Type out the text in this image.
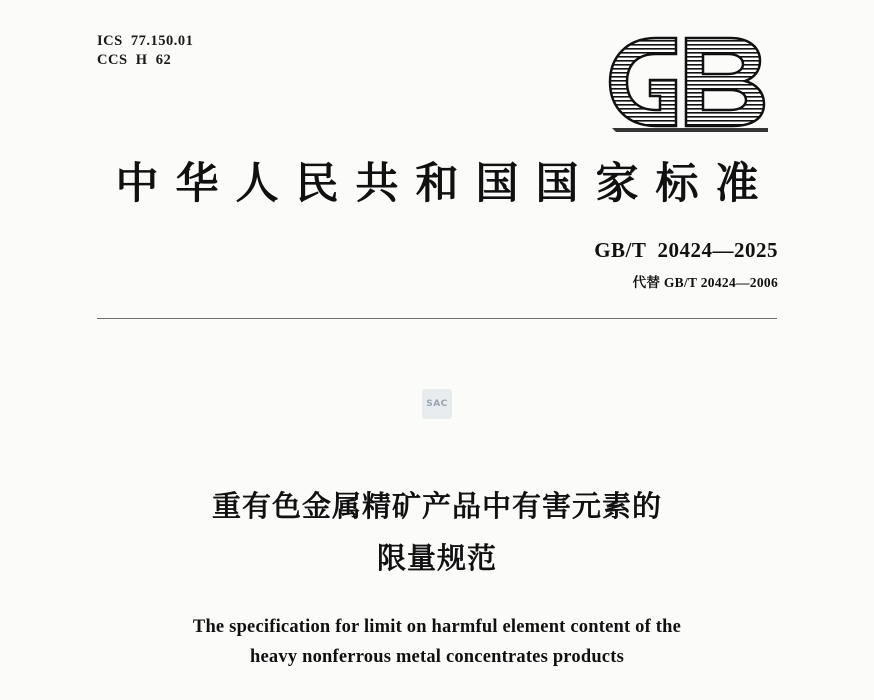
ICS  77.150.01
CCS  H  62
中华人民共和国国家标准
GB/T  20424—2025
代替 GB/T 20424—2006
SAC
重有色金属精矿产品中有害元素的
限量规范
The specification for limit on harmful element content of the
heavy nonferrous metal concentrates products
